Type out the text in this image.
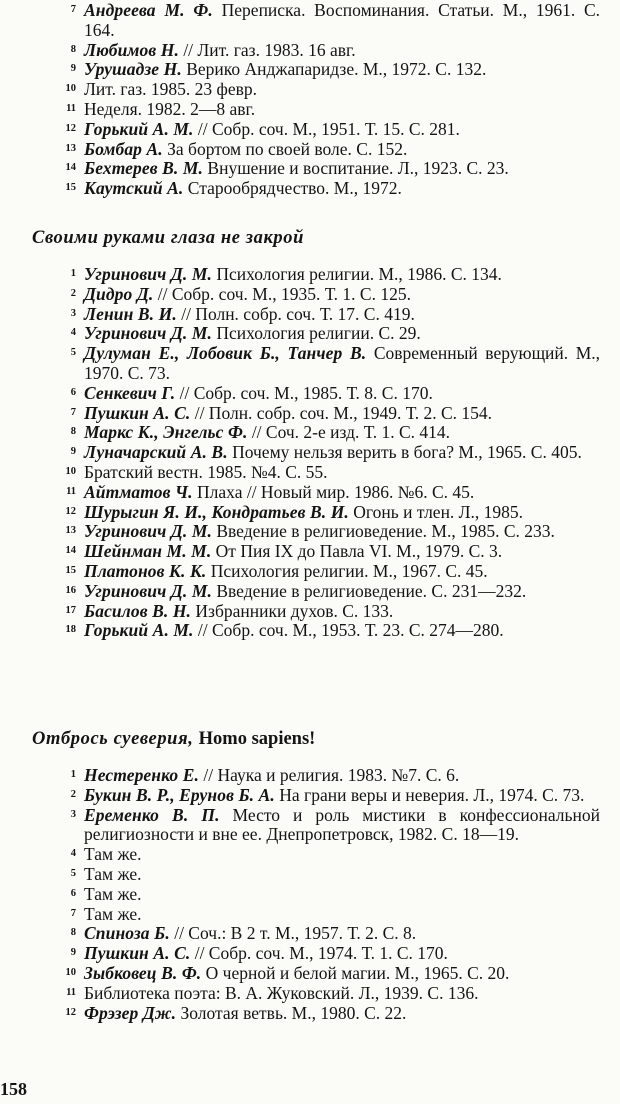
7 Андреева М. Ф. Переписка. Воспоминания. Статьи. М., 1961. С. 164.
8 Любимов Н. // Лит. газ. 1983. 16 авг.
9 Урушадзе Н. Верико Анджапаридзе. М., 1972. С. 132.
10 Лит. газ. 1985. 23 февр.
11 Неделя. 1982. 2—8 авг.
12 Горький А. М. // Собр. соч. М., 1951. Т. 15. С. 281.
13 Бомбар А. За бортом по своей воле. С. 152.
14 Бехтерев В. М. Внушение и воспитание. Л., 1923. С. 23.
15 Каутский А. Старообрядчество. М., 1972.
Своими руками глаза не закрой
1 Угринович Д. М. Психология религии. М., 1986. С. 134.
2 Дидро Д. // Собр. соч. М., 1935. Т. 1. С. 125.
3 Ленин В. И. // Полн. собр. соч. Т. 17. С. 419.
4 Угринович Д. М. Психология религии. С. 29.
5 Дулуман Е., Лобовик Б., Танчер В. Современный верующий. М., 1970. С. 73.
6 Сенкевич Г. // Собр. соч. М., 1985. Т. 8. С. 170.
7 Пушкин А. С. // Полн. собр. соч. М., 1949. Т. 2. С. 154.
8 Маркс К., Энгельс Ф. // Соч. 2-е изд. Т. 1. С. 414.
9 Луначарский А. В. Почему нельзя верить в бога? М., 1965. С. 405.
10 Братский вестн. 1985. №4. С. 55.
11 Айтматов Ч. Плаха // Новый мир. 1986. №6. С. 45.
12 Шурыгин Я. И., Кондратьев В. И. Огонь и тлен. Л., 1985.
13 Угринович Д. М. Введение в религиоведение. М., 1985. С. 233.
14 Шейнман М. М. От Пия IX до Павла VI. М., 1979. С. 3.
15 Платонов К. К. Психология религии. М., 1967. С. 45.
16 Угринович Д. М. Введение в религиоведение. С. 231—232.
17 Басилов В. Н. Избранники духов. С. 133.
18 Горький А. М. // Собр. соч. М., 1953. Т. 23. С. 274—280.
Отбрось суеверия, Homo sapiens!
1 Нестеренко Е. // Наука и религия. 1983. №7. С. 6.
2 Букин В. Р., Ерунов Б. А. На грани веры и неверия. Л., 1974. С. 73.
3 Еременко В. П. Место и роль мистики в конфессиональной религиозности и вне ее. Днепропетровск, 1982. С. 18—19.
4 Там же.
5 Там же.
6 Там же.
7 Там же.
8 Спиноза Б. // Соч.: В 2 т. М., 1957. Т. 2. С. 8.
9 Пушкин А. С. // Собр. соч. М., 1974. Т. 1. С. 170.
10 Зыбковец В. Ф. О черной и белой магии. М., 1965. С. 20.
11 Библиотека поэта: В. А. Жуковский. Л., 1939. С. 136.
12 Фрэзер Дж. Золотая ветвь. М., 1980. С. 22.
158
